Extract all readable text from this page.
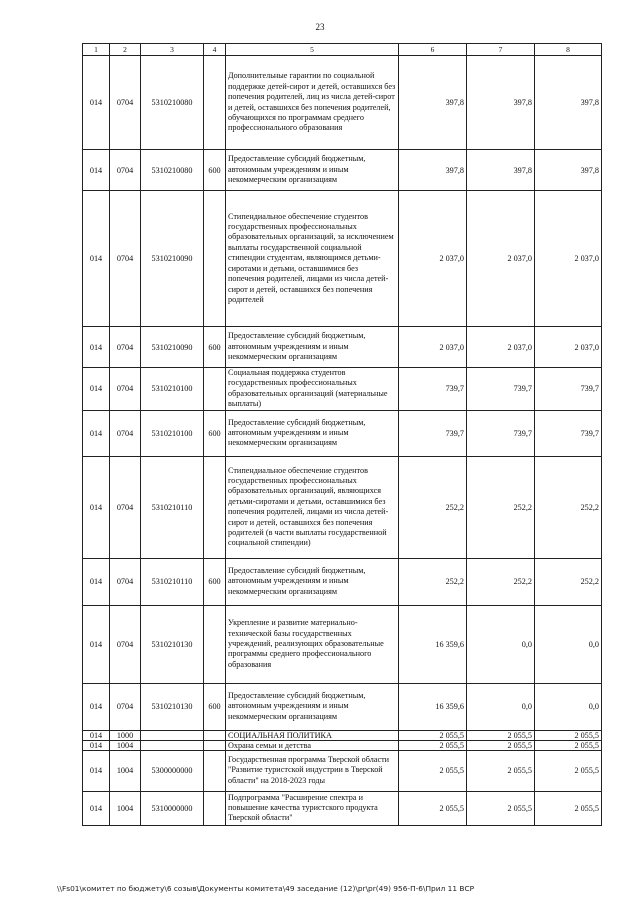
23
1	2	3	4	5	6	7	8
014	0704	5310210080		Дополнительные гарантии по социальной поддержке детей-сирот и детей, оставшихся без попечения родителей, лиц из числа детей-сирот и детей, оставшихся без попечения родителей, обучающихся по программам среднего профессионального образования	397,8	397,8	397,8
014	0704	5310210080	600	Предоставление субсидий бюджетным, автономным учреждениям и иным некоммерческим организациям	397,8	397,8	397,8
014	0704	5310210090		Стипендиальное обеспечение студентов государственных профессиональных образовательных организаций, за исключением выплаты государственной социальной стипендии студентам, являющимся детьми-сиротами и детьми, оставшимися без попечения родителей, лицами из числа детей-сирот и детей, оставшихся без попечения родителей	2 037,0	2 037,0	2 037,0
014	0704	5310210090	600	Предоставление субсидий бюджетным, автономным учреждениям и иным некоммерческим организациям	2 037,0	2 037,0	2 037,0
014	0704	5310210100		Социальная поддержка студентов государственных профессиональных образовательных организаций (материальные выплаты)	739,7	739,7	739,7
014	0704	5310210100	600	Предоставление субсидий бюджетным, автономным учреждениям и иным некоммерческим организациям	739,7	739,7	739,7
014	0704	5310210110		Стипендиальное обеспечение студентов государственных профессиональных образовательных организаций, являющихся детьми-сиротами и детьми, оставшимися без попечения родителей, лицами из числа детей-сирот и детей, оставшихся без попечения родителей (в части выплаты государственной социальной стипендии)	252,2	252,2	252,2
014	0704	5310210110	600	Предоставление субсидий бюджетным, автономным учреждениям и иным некоммерческим организациям	252,2	252,2	252,2
014	0704	5310210130		Укрепление и развитие материально-технической базы государственных учреждений, реализующих образовательные программы среднего профессионального образования	16 359,6	0,0	0,0
014	0704	5310210130	600	Предоставление субсидий бюджетным, автономным учреждениям и иным некоммерческим организациям	16 359,6	0,0	0,0
014	1000			СОЦИАЛЬНАЯ ПОЛИТИКА	2 055,5	2 055,5	2 055,5
014	1004			Охрана семьи и детства	2 055,5	2 055,5	2 055,5
014	1004	5300000000		Государственная программа Тверской области "Развитие туристской индустрии в Тверской области" на 2018-2023 годы	2 055,5	2 055,5	2 055,5
014	1004	5310000000		Подпрограмма "Расширение спектра и повышение качества туристского продукта Тверской области"	2 055,5	2 055,5	2 055,5
\\Fs01\комитет по бюджету\6 созыв\Документы комитета\49 заседание (12)\pr\pr(49) 956-П-6\Прил 11 ВСР
